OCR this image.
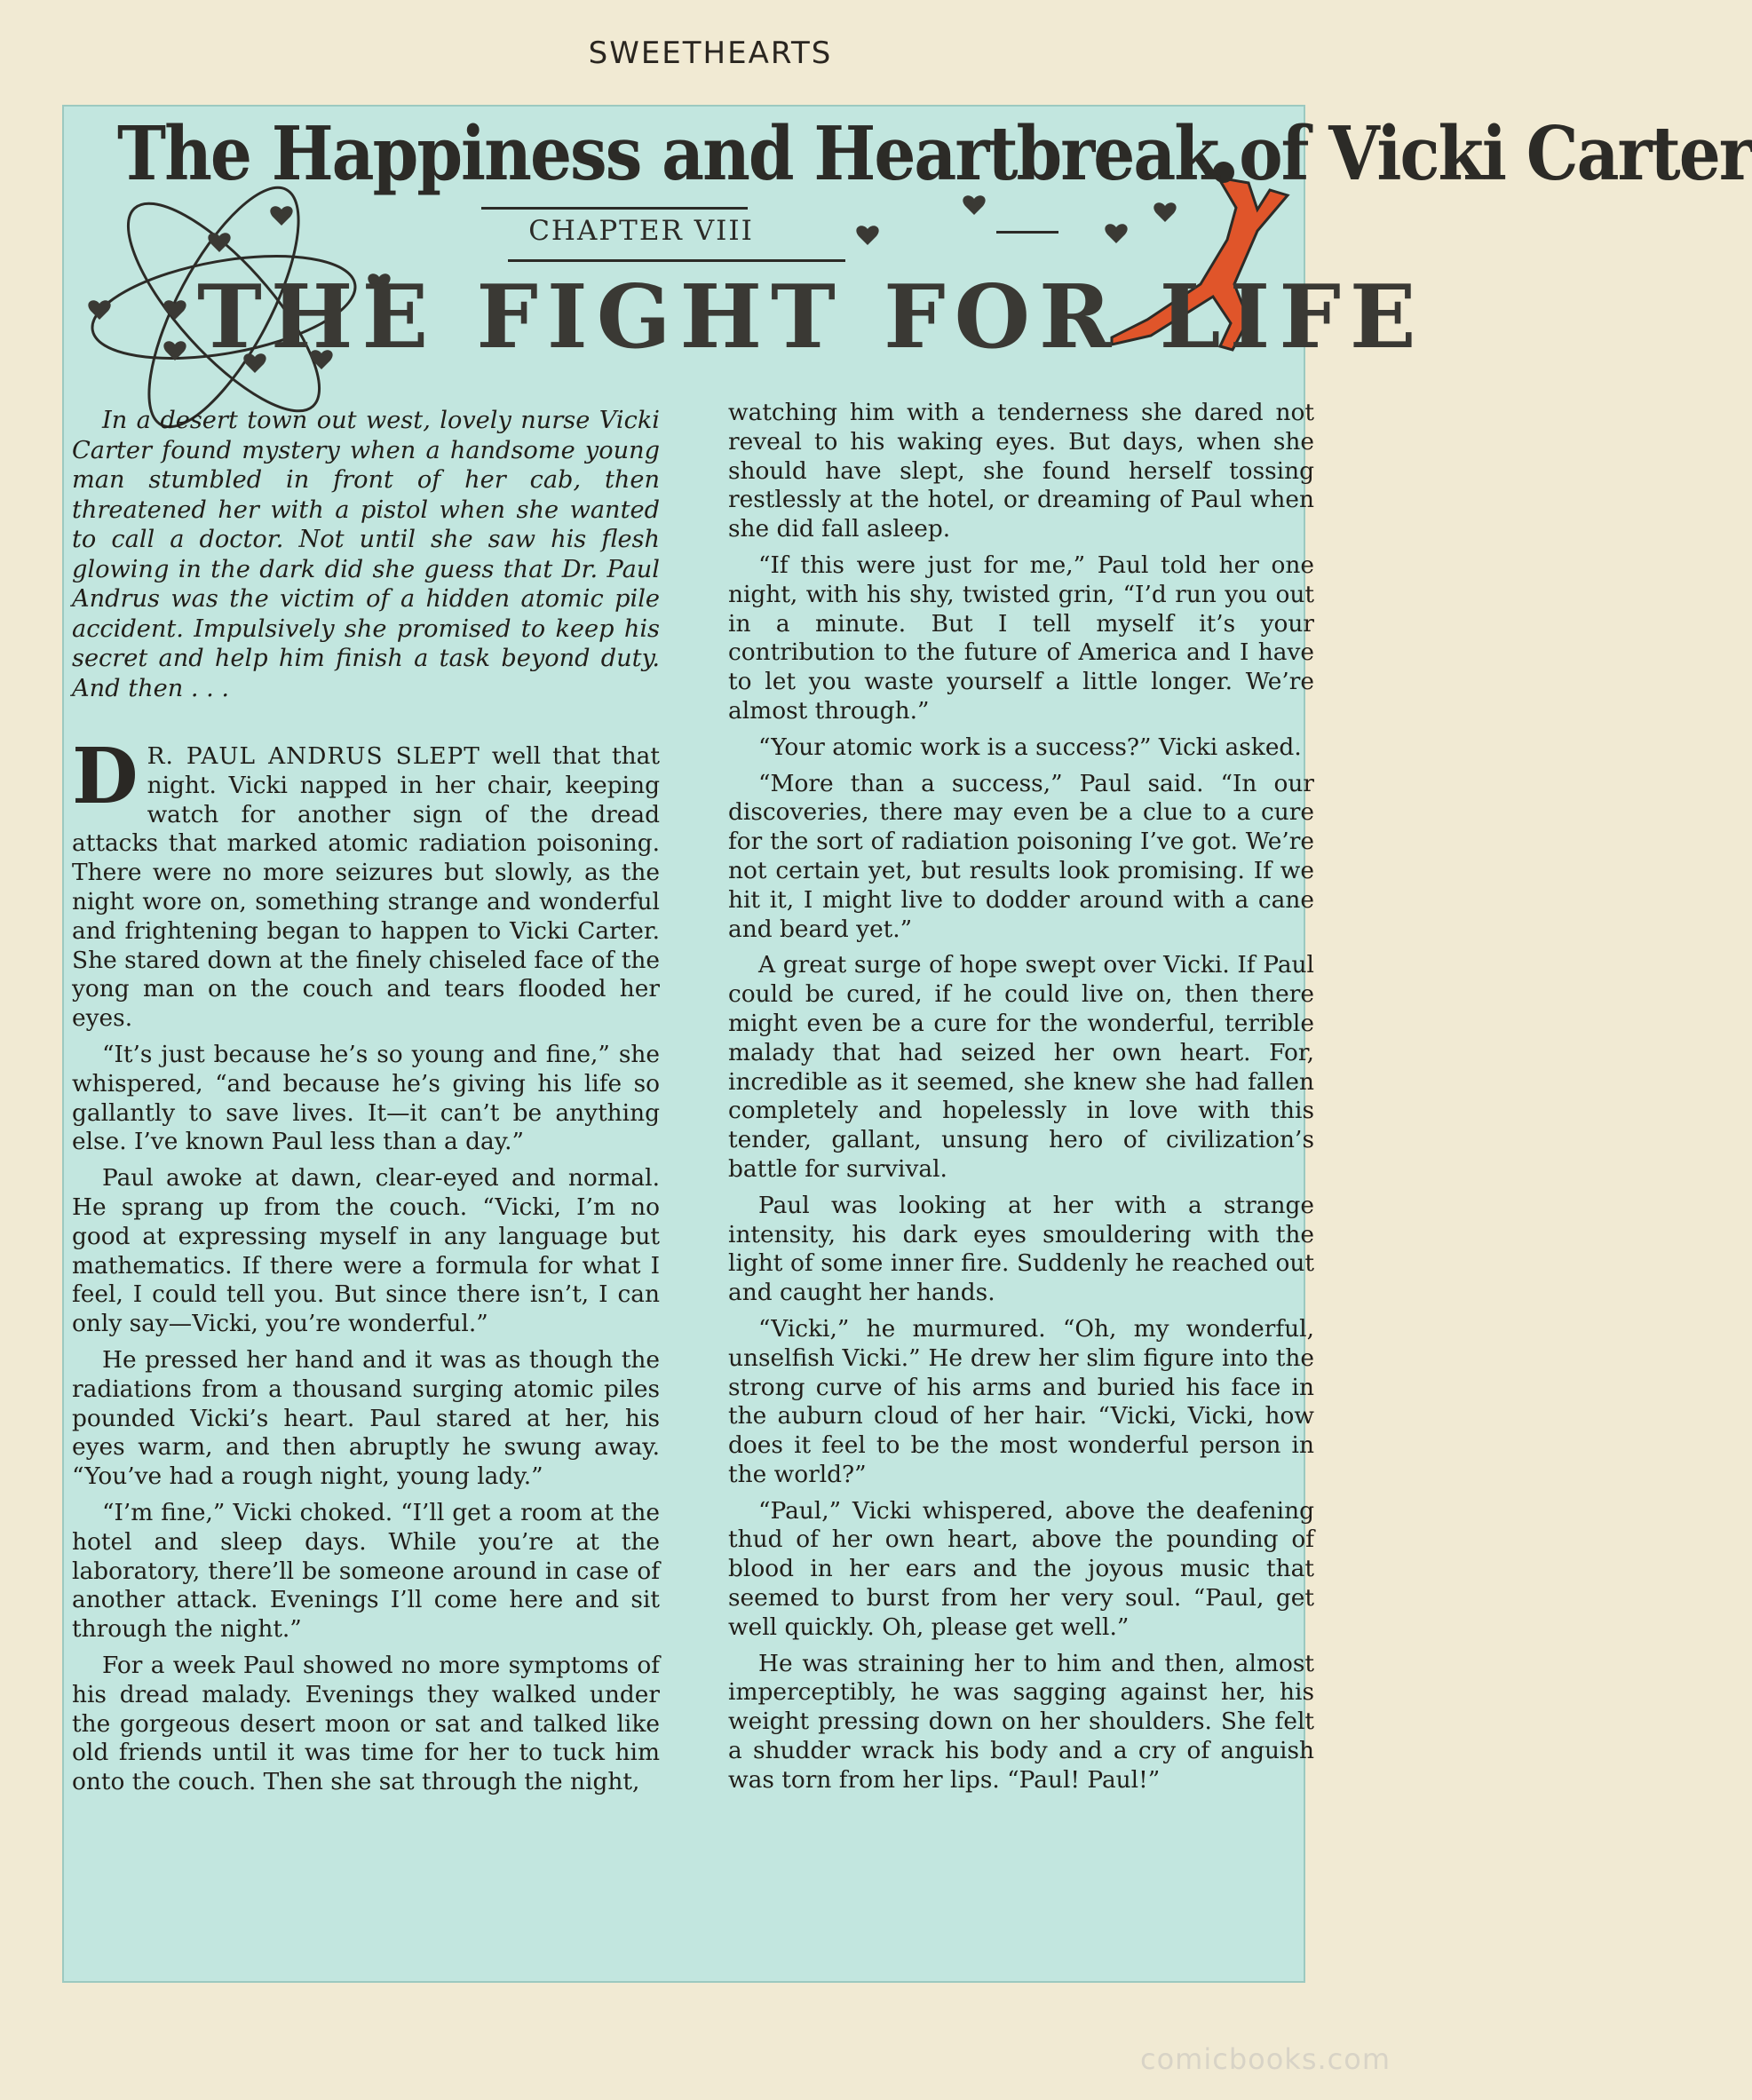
SWEETHEARTS
The Happiness and Heartbreak of Vicki Carter
CHAPTER VIII
THE FIGHT FOR LIFE

In a desert town out west, lovely nurse Vicki Carter found mystery when a handsome young man stumbled in front of her cab, then threatened her with a pistol when she wanted to call a doctor. Not until she saw his flesh glowing in the dark did she guess that Dr. Paul Andrus was the victim of a hidden atomic pile accident. Impulsively she promised to keep his secret and help him finish a task beyond duty. And then . . .

D R. PAUL ANDRUS SLEPT well that that night. Vicki napped in her chair, keeping watch for another sign of the dread attacks that marked atomic radiation poisoning. There were no more seizures but slowly, as the night wore on, something strange and wonderful and frightening began to happen to Vicki Carter. She stared down at the finely chiseled face of the yong man on the couch and tears flooded her eyes.

“It’s just because he’s so young and fine,” she whispered, “and because he’s giving his life so gallantly to save lives. It—it can’t be anything else. I’ve known Paul less than a day.”

Paul awoke at dawn, clear-eyed and normal. He sprang up from the couch. “Vicki, I’m no good at expressing myself in any language but mathematics. If there were a formula for what I feel, I could tell you. But since there isn’t, I can only say—Vicki, you’re wonderful.”

He pressed her hand and it was as though the radiations from a thousand surging atomic piles pounded Vicki’s heart. Paul stared at her, his eyes warm, and then abruptly he swung away. “You’ve had a rough night, young lady.”

“I’m fine,” Vicki choked. “I’ll get a room at the hotel and sleep days. While you’re at the laboratory, there’ll be someone around in case of another attack. Evenings I’ll come here and sit through the night.”

For a week Paul showed no more symptoms of his dread malady. Evenings they walked under the gorgeous desert moon or sat and talked like old friends until it was time for her to tuck him onto the couch. Then she sat through the night,

watching him with a tenderness she dared not reveal to his waking eyes. But days, when she should have slept, she found herself tossing restlessly at the hotel, or dreaming of Paul when she did fall asleep.

“If this were just for me,” Paul told her one night, with his shy, twisted grin, “I’d run you out in a minute. But I tell myself it’s your contribution to the future of America and I have to let you waste yourself a little longer. We’re almost through.”

“Your atomic work is a success?” Vicki asked.

“More than a success,” Paul said. “In our discoveries, there may even be a clue to a cure for the sort of radiation poisoning I’ve got. We’re not certain yet, but results look promising. If we hit it, I might live to dodder around with a cane and beard yet.”

A great surge of hope swept over Vicki. If Paul could be cured, if he could live on, then there might even be a cure for the wonderful, terrible malady that had seized her own heart. For, incredible as it seemed, she knew she had fallen completely and hopelessly in love with this tender, gallant, unsung hero of civilization’s battle for survival.

Paul was looking at her with a strange intensity, his dark eyes smouldering with the light of some inner fire. Suddenly he reached out and caught her hands.

“Vicki,” he murmured. “Oh, my wonderful, unselfish Vicki.” He drew her slim figure into the strong curve of his arms and buried his face in the auburn cloud of her hair. “Vicki, Vicki, how does it feel to be the most wonderful person in the world?”

“Paul,” Vicki whispered, above the deafening thud of her own heart, above the pounding of blood in her ears and the joyous music that seemed to burst from her very soul. “Paul, get well quickly. Oh, please get well.”

He was straining her to him and then, almost imperceptibly, he was sagging against her, his weight pressing down on her shoulders. She felt a shudder wrack his body and a cry of anguish was torn from her lips. “Paul! Paul!”

comicbooks.com
